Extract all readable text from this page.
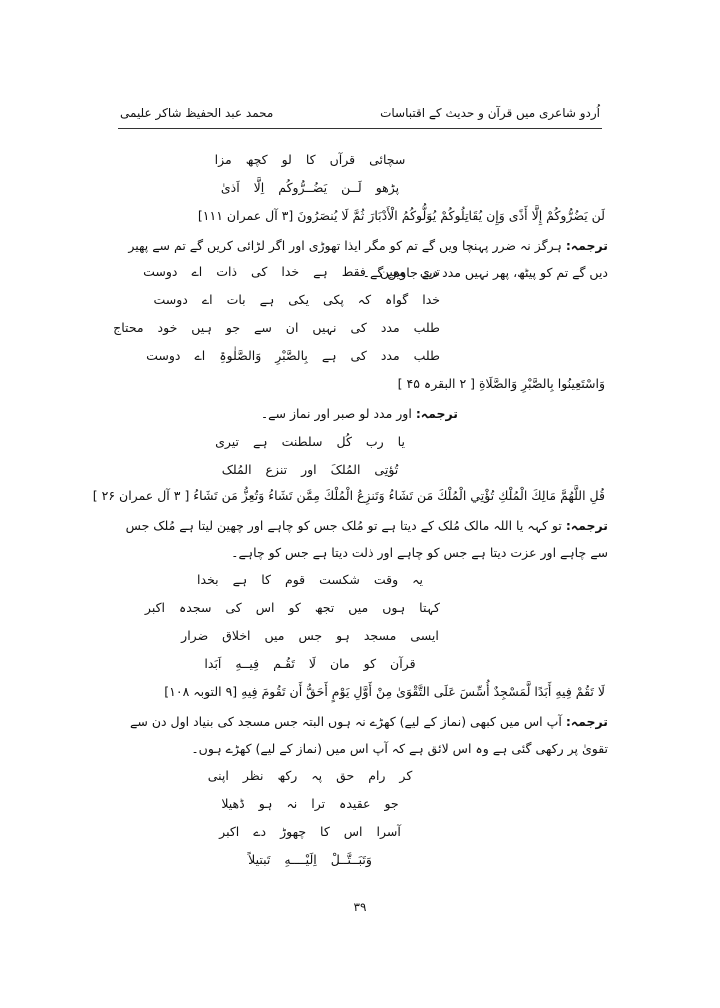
اُردو شاعری میں قرآن و حدیث کے اقتباسات
محمد عبد الحفیظ شاکر علیمی
سچائی قرآں کا لو کچھ مزا
پڑھو لَــن یَضُــرُّوکُم اِلَّا اَذیٰ
لَن يَضُرُّوكُمْ إِلَّا أَذًى وَإِن يُقَاتِلُوكُمْ يُوَلُّوكُمُ الْأَدْبَارَ ثُمَّ لَا يُنصَرُونَ [۳ آل عمران ۱۱۱]
ترجمہ: ہرگز نہ ضرر پہنچا ویں گے تم کو مگر ایذا تھوڑی اور اگر لڑائی کریں گے تم سے پھیر دیں گے تم کو پیٹھ، پھر نہیں مدد دیے جاویں گے۔
تری معین فقط ہے خدا کی ذات اے دوست
خدا گواہ کہ پکی یکی ہے بات اے دوست
طلب مدد کی نہیں ان سے جو ہیں خود محتاج
طلب مدد کی ہے بِالصَّبْرِ وَالصَّلٰوۃِ اے دوست
وَاسْتَعِينُوا بِالصَّبْرِ وَالصَّلَاةِ [ ۲ البقرہ ۴۵ ]
ترجمہ: اور مدد لو صبر اور نماز سے۔
یا رب کُل سلطنت ہے تیری
تُؤتِی المُلکَ اور تنزع المُلک
قُلِ اللَّهُمَّ مَالِكَ الْمُلْكِ تُؤْتِي الْمُلْكَ مَن تَشَاءُ وَتَنزِعُ الْمُلْكَ مِمَّن تَشَاءُ وَتُعِزُّ مَن تَشَاءُ [ ۳ آل عمران ۲۶ ]
ترجمہ: تو کہہ یا اللہ مالک مُلک کے دیتا ہے تو مُلک جس کو چاہے اور چھین لیتا ہے مُلک جس سے چاہے اور عزت دیتا ہے جس کو چاہے اور ذلت دیتا ہے جس کو چاہے۔
یہ وقت شکست قوم کا ہے بخدا
کہتا ہوں میں تجھ کو اس کی سجدہ اکبر
ایسی مسجد ہو جس میں اخلاق ضرار
قرآن کو مان لَا تَقُـم فِيــهِ اَبَدا
لَا تَقُمْ فِيهِ أَبَدًا لَّمَسْجِدٌ أُسِّسَ عَلَى التَّقْوَىٰ مِنْ أَوَّلِ يَوْمٍ أَحَقُّ أَن تَقُومَ فِيهِ [۹ التوبہ ۱۰۸]
ترجمہ: آپ اس میں کبھی (نماز کے لیے) کھڑے نہ ہوں البتہ جس مسجد کی بنیاد اول دن سے تقویٰ پر رکھی گئی ہے وہ اس لائق ہے کہ آپ اس میں (نماز کے لیے) کھڑے ہوں۔
کر رام حق پہ رکھ نظر اپنی
جو عقیدہ ترا نہ ہو ڈھیلا
آسرا اس کا چھوڑ دے اکبر
وَتَبَــتَّــلْ اِلَیْــــهِ تَبتیلاً
۳۹
